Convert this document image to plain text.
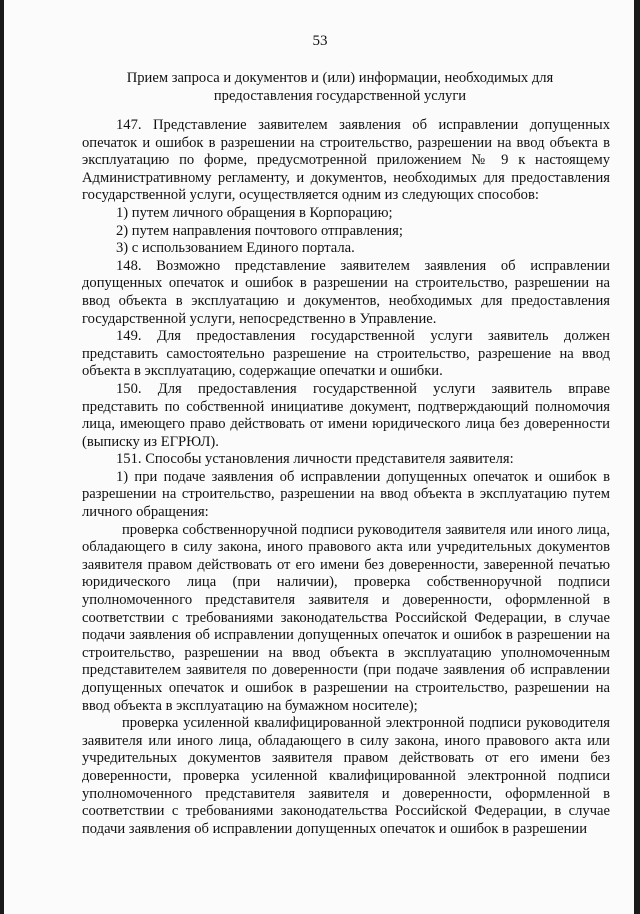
53
Прием запроса и документов и (или) информации, необходимых для предоставления государственной услуги

147. Представление заявителем заявления об исправлении допущенных опечаток и ошибок в разрешении на строительство, разрешении на ввод объекта в эксплуатацию по форме, предусмотренной приложением № 9 к настоящему Административному регламенту, и документов, необходимых для предоставления государственной услуги, осуществляется одним из следующих способов:

1) путем личного обращения в Корпорацию;

2) путем направления почтового отправления;

3) с использованием Единого портала.

148. Возможно представление заявителем заявления об исправлении допущенных опечаток и ошибок в разрешении на строительство, разрешении на ввод объекта в эксплуатацию и документов, необходимых для предоставления государственной услуги, непосредственно в Управление.

149. Для предоставления государственной услуги заявитель должен представить самостоятельно разрешение на строительство, разрешение на ввод объекта в эксплуатацию, содержащие опечатки и ошибки.

150. Для предоставления государственной услуги заявитель вправе представить по собственной инициативе документ, подтверждающий полномочия лица, имеющего право действовать от имени юридического лица без доверенности (выписку из ЕГРЮЛ).

151. Способы установления личности представителя заявителя:

1) при подаче заявления об исправлении допущенных опечаток и ошибок в разрешении на строительство, разрешении на ввод объекта в эксплуатацию путем личного обращения:

проверка собственноручной подписи руководителя заявителя или иного лица, обладающего в силу закона, иного правового акта или учредительных документов заявителя правом действовать от его имени без доверенности, заверенной печатью юридического лица (при наличии), проверка собственноручной подписи уполномоченного представителя заявителя и доверенности, оформленной в соответствии с требованиями законодательства Российской Федерации, в случае подачи заявления об исправлении допущенных опечаток и ошибок в разрешении на строительство, разрешении на ввод объекта в эксплуатацию уполномоченным представителем заявителя по доверенности (при подаче заявления об исправлении допущенных опечаток и ошибок в разрешении на строительство, разрешении на ввод объекта в эксплуатацию на бумажном носителе);

проверка усиленной квалифицированной электронной подписи руководителя заявителя или иного лица, обладающего в силу закона, иного правового акта или учредительных документов заявителя правом действовать от его имени без доверенности, проверка усиленной квалифицированной электронной подписи уполномоченного представителя заявителя и доверенности, оформленной в соответствии с требованиями законодательства Российской Федерации, в случае подачи заявления об исправлении допущенных опечаток и ошибок в разрешении
